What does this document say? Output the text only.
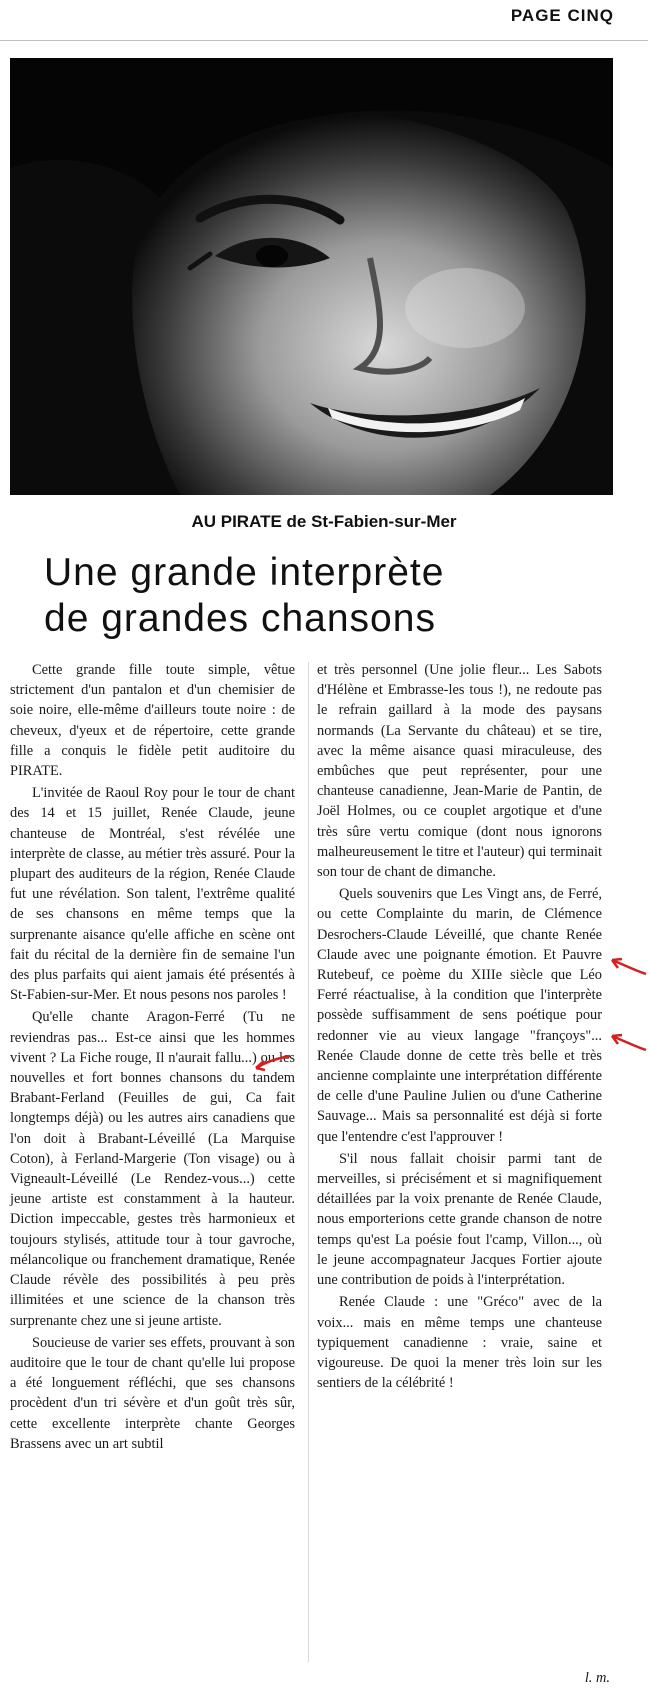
PAGE CINQ
AU PIRATE de St-Fabien-sur-Mer
Une grande interprète
de grandes chansons

Cette grande fille toute simple, vêtue strictement d'un pantalon et d'un chemisier de soie noire, elle-même d'ailleurs toute noire : de cheveux, d'yeux et de répertoire, cette grande fille a conquis le fidèle petit auditoire du PIRATE.

L'invitée de Raoul Roy pour le tour de chant des 14 et 15 juillet, Renée Claude, jeune chanteuse de Montréal, s'est révélée une interprète de classe, au métier très assuré. Pour la plupart des auditeurs de la région, Renée Claude fut une révélation. Son talent, l'extrême qualité de ses chansons en même temps que la surprenante aisance qu'elle affiche en scène ont fait du récital de la dernière fin de semaine l'un des plus parfaits qui aient jamais été présentés à St-Fabien-sur-Mer. Et nous pesons nos paroles !

Qu'elle chante Aragon-Ferré (Tu ne reviendras pas... Est-ce ainsi que les hommes vivent ? La Fiche rouge, Il n'aurait fallu...) ou les nouvelles et fort bonnes chansons du tandem Brabant-Ferland (Feuilles de gui, Ca fait longtemps déjà) ou les autres airs canadiens que l'on doit à Brabant-Léveillé (La Marquise Coton), à Ferland-Margerie (Ton visage) ou à Vigneault-Léveillé (Le Rendez-vous...) cette jeune artiste est constamment à la hauteur. Diction impeccable, gestes très harmonieux et toujours stylisés, attitude tour à tour gavroche, mélancolique ou franchement dramatique, Renée Claude révèle des possibilités à peu près illimitées et une science de la chanson très surprenante chez une si jeune artiste.

Soucieuse de varier ses effets, prouvant à son auditoire que le tour de chant qu'elle lui propose a été longuement réfléchi, que ses chansons procèdent d'un tri sévère et d'un goût très sûr, cette excellente interprète chante Georges Brassens avec un art subtil

et très personnel (Une jolie fleur... Les Sabots d'Hélène et Embrasse-les tous !), ne redoute pas le refrain gaillard à la mode des paysans normands (La Servante du château) et se tire, avec la même aisance quasi miraculeuse, des embûches que peut représenter, pour une chanteuse canadienne, Jean-Marie de Pantin, de Joël Holmes, ou ce couplet argotique et d'une très sûre vertu comique (dont nous ignorons malheureusement le titre et l'auteur) qui terminait son tour de chant de dimanche.

Quels souvenirs que Les Vingt ans, de Ferré, ou cette Complainte du marin, de Clémence Desrochers-Claude Léveillé, que chante Renée Claude avec une poignante émotion. Et Pauvre Rutebeuf, ce poème du XIIIe siècle que Léo Ferré réactualise, à la condition que l'interprète possède suffisamment de sens poétique pour redonner vie au vieux langage "françoys"... Renée Claude donne de cette très belle et très ancienne complainte une interprétation différente de celle d'une Pauline Julien ou d'une Catherine Sauvage... Mais sa personnalité est déjà si forte que l'entendre c'est l'approuver !

S'il nous fallait choisir parmi tant de merveilles, si précisément et si magnifiquement détaillées par la voix prenante de Renée Claude, nous emporterions cette grande chanson de notre temps qu'est La poésie fout l'camp, Villon..., où le jeune accompagnateur Jacques Fortier ajoute une contribution de poids à l'interprétation.

Renée Claude : une "Gréco" avec de la voix... mais en même temps une chanteuse typiquement canadienne : vraie, saine et vigoureuse. De quoi la mener très loin sur les sentiers de la célébrité !

l. m.
